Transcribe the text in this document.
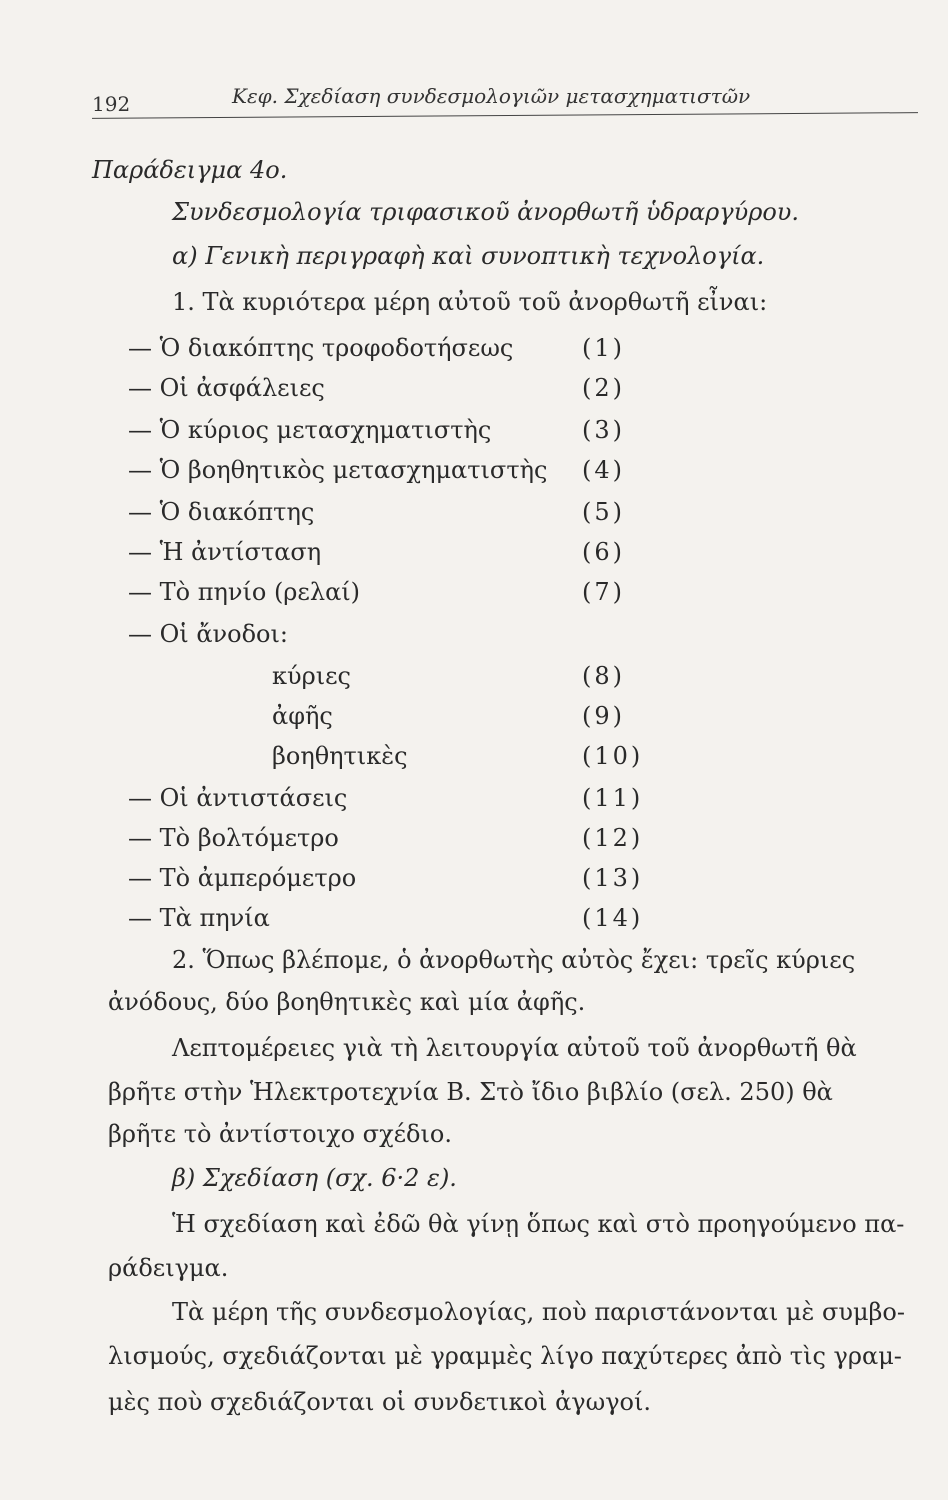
192	Κεφ. Σχεδίαση συνδεσμολογιῶν μετασχηματιστῶν
Παράδειγμα 4ο.
Συνδεσμολογία τριφασικοῦ ἀνορθωτῆ ὑδραργύρου.
α) Γενικὴ περιγραφὴ καὶ συνοπτικὴ τεχνολογία.
1. Τὰ κυριότερα μέρη αὐτοῦ τοῦ ἀνορθωτῆ εἶναι:
— Ὁ διακόπτης τροφοδοτήσεως	(1)
— Οἱ ἀσφάλειες	(2)
— Ὁ κύριος μετασχηματιστὴς	(3)
— Ὁ βοηθητικὸς μετασχηματιστὴς (4)
— Ὁ διακόπτης	(5)
— Ἡ ἀντίσταση	(6)
— Τὸ πηνίο (ρελαί)	(7)
— Οἱ ἄνοδοι:
κύριες	(8)
ἀφῆς	(9)
βοηθητικὲς	(10)
— Οἱ ἀντιστάσεις	(11)
— Τὸ βολτόμετρο	(12)
— Τὸ ἀμπερόμετρο	(13)
— Τὰ πηνία	(14)
2. Ὅπως βλέπομε, ὁ ἀνορθωτὴς αὐτὸς ἔχει: τρεῖς κύριες
ἀνόδους, δύο βοηθητικὲς καὶ μία ἀφῆς.
Λεπτομέρειες γιὰ τὴ λειτουργία αὐτοῦ τοῦ ἀνορθωτῆ θὰ
βρῆτε στὴν Ἡλεκτροτεχνία Β. Στὸ ἴδιο βιβλίο (σελ. 250) θὰ
βρῆτε τὸ ἀντίστοιχο σχέδιο.
β) Σχεδίαση (σχ. 6·2 ε).
Ἡ σχεδίαση καὶ ἐδῶ θὰ γίνῃ ὅπως καὶ στὸ προηγούμενο πα-
ράδειγμα.
Τὰ μέρη τῆς συνδεσμολογίας, ποὺ παριστάνονται μὲ συμβο-
λισμούς, σχεδιάζονται μὲ γραμμὲς λίγο παχύτερες ἀπὸ τὶς γραμ-
μὲς ποὺ σχεδιάζονται οἱ συνδετικοὶ ἀγωγοί.
